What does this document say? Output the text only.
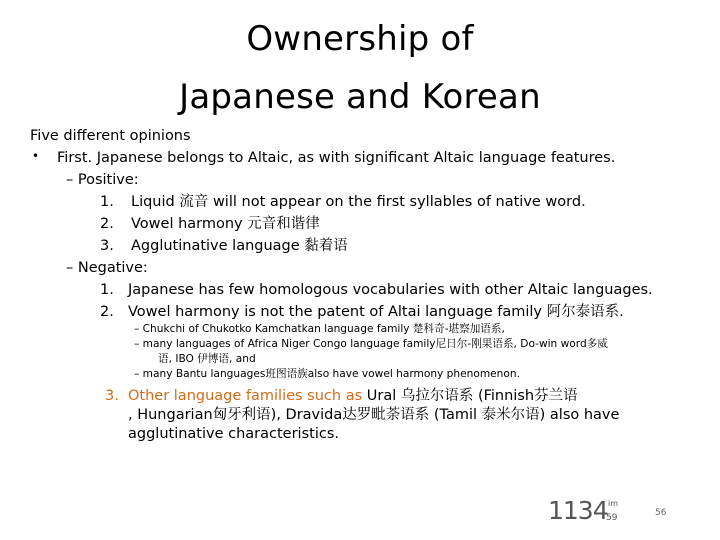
Ownership of
Japanese and Korean
Five different opinions
• First. Japanese belongs to Altaic, as with significant Altaic language features.
– Positive:
1. Liquid 流音 will not appear on the first syllables of native word.
2. Vowel harmony 元音和谐律
3. Agglutinative language 黏着语
– Negative:
1. Japanese has few homologous vocabularies with other Altaic languages.
2. Vowel harmony is not the patent of Altai language family 阿尔泰语系.
– Chukchi of Chukotko Kamchatkan language family 楚科奇-堪察加语系,
– many languages of Africa Niger Congo language family尼日尔-刚果语系, Do-win word多威
语, IBO 伊博语, and
– many Bantu languages班图语族also have vowel harmony phenomenon.
3. Other language families such as Ural 乌拉尔语系 (Finnish芬兰语
, Hungarian匈牙利语), Dravida达罗毗荼语系 (Tamil 泰米尔语) also have
agglutinative characteristics.
1134 im
59	56
